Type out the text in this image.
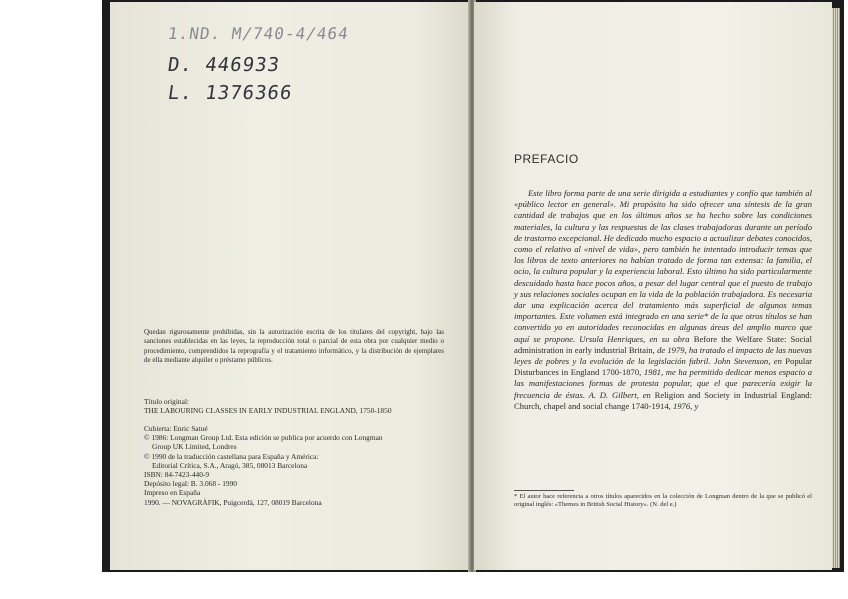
1.ND. M/740-4/464
D. 446933
L. 1376366
Quedan rigurosamente prohibidas, sin la autorización escrita de los titulares del copyright, bajo las sanciones establecidas en las leyes, la reproducción total o parcial de esta obra por cualquier medio o procedimiento, comprendidos la reprografía y el tratamiento informático, y la distribución de ejemplares de ella mediante alquiler o préstamo públicos.
Título original:
THE LABOURING CLASSES IN EARLY INDUSTRIAL ENGLAND, 1750-1850
Cubierta: Enric Satué
© 1986: Longman Group Ltd. Esta edición se publica por acuerdo con Longman
Group UK Limited, Londres
© 1990 de la traducción castellana para España y América:
Editorial Crítica, S.A., Aragó, 385, 08013 Barcelona
ISBN: 84-7423-440-9
Depósito legal: B. 3.068 - 1990
Impreso en España
1990. — NOVAGRÀFIK, Puigcerdà, 127, 08019 Barcelona
PREFACIO
Este libro forma parte de una serie dirigida a estudiantes y confío que también al «público lector en general». Mi propósito ha sido ofrecer una síntesis de la gran cantidad de trabajos que en los últimos años se ha hecho sobre las condiciones materiales, la cultura y las respuestas de las clases trabajadoras durante un período de trastorno excepcional. He dedicado mucho espacio a actualizar debates conocidos, como el relativo al «nivel de vida», pero también he intentado introducir temas que los libros de texto anteriores no habían tratado de forma tan extensa: la familia, el ocio, la cultura popular y la experiencia laboral. Esto último ha sido particularmente descuidado hasta hace pocos años, a pesar del lugar central que el puesto de trabajo y sus relaciones sociales ocupan en la vida de la población trabajadora. Es necesaria dar una explicación acerca del tratamiento más superficial de algunos temas importantes. Este volumen está integrado en una serie* de la que otros títulos se han convertido yo en autoridades reconocidas en algunas áreas del amplio marco que aquí se propone. Ursula Henriques, en su obra Before the Welfare State: Social administration in early industrial Britain, de 1979, ha tratado el impacto de las nuevas leyes de pobres y la evolución de la legislación fabril. John Stevenson, en Popular Disturbances in England 1700-1870, 1981, me ha permitido dedicar menos espacio a las manifestaciones formas de protesta popular, que el que parecería exigir la frecuencia de éstas. A. D. Gilbert, en Religion and Society in Industrial England: Church, chapel and social change 1740-1914, 1976, y
* El autor hace referencia a otros títulos aparecidos en la colección de Longman dentro de la que se publicó el original inglés: «Themes in British Social History». (N. del e.)
